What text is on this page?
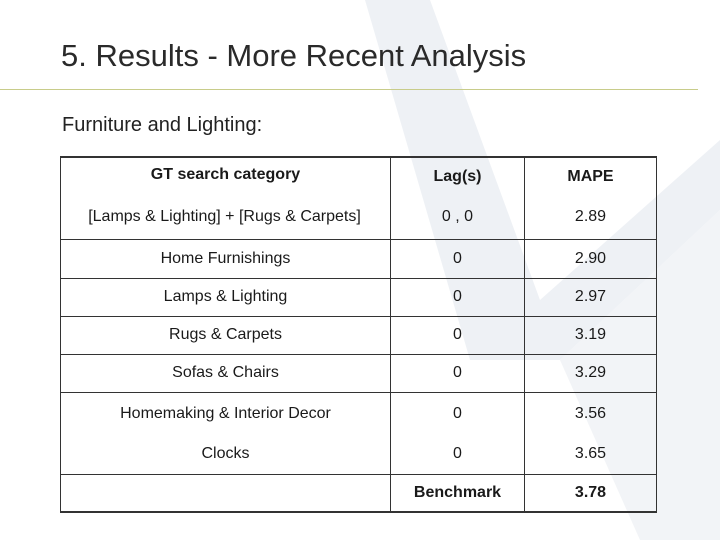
5. Results - More Recent Analysis
Furniture and Lighting:
GT search category	Lag(s)	MAPE
[Lamps & Lighting] + [Rugs & Carpets]	0 , 0	2.89
Home Furnishings	0	2.90
Lamps & Lighting	0	2.97
Rugs & Carpets	0	3.19
Sofas & Chairs	0	3.29
Homemaking & Interior Decor	0	3.56
Clocks	0	3.65
	Benchmark	3.78
